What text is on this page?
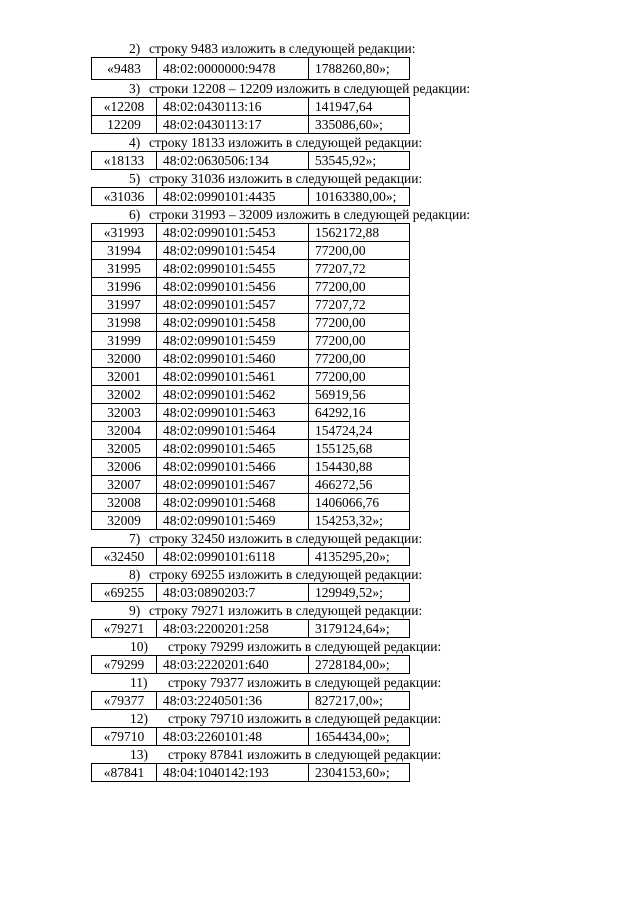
2) строку 9483 изложить в следующей редакции:
«9483	48:02:0000000:9478	1788260,80»;
3) строки 12208 – 12209 изложить в следующей редакции:
«12208	48:02:0430113:16	141947,64
12209	48:02:0430113:17	335086,60»;
4) строку 18133 изложить в следующей редакции:
«18133	48:02:0630506:134	53545,92»;
5) строку 31036 изложить в следующей редакции:
«31036	48:02:0990101:4435	10163380,00»;
6) строки 31993 – 32009 изложить в следующей редакции:
«31993	48:02:0990101:5453	1562172,88
31994	48:02:0990101:5454	77200,00
31995	48:02:0990101:5455	77207,72
31996	48:02:0990101:5456	77200,00
31997	48:02:0990101:5457	77207,72
31998	48:02:0990101:5458	77200,00
31999	48:02:0990101:5459	77200,00
32000	48:02:0990101:5460	77200,00
32001	48:02:0990101:5461	77200,00
32002	48:02:0990101:5462	56919,56
32003	48:02:0990101:5463	64292,16
32004	48:02:0990101:5464	154724,24
32005	48:02:0990101:5465	155125,68
32006	48:02:0990101:5466	154430,88
32007	48:02:0990101:5467	466272,56
32008	48:02:0990101:5468	1406066,76
32009	48:02:0990101:5469	154253,32»;
7) строку 32450 изложить в следующей редакции:
«32450	48:02:0990101:6118	4135295,20»;
8) строку 69255 изложить в следующей редакции:
«69255	48:03:0890203:7	129949,52»;
9) строку 79271 изложить в следующей редакции:
«79271	48:03:2200201:258	3179124,64»;
10) строку 79299 изложить в следующей редакции:
«79299	48:03:2220201:640	2728184,00»;
11) строку 79377 изложить в следующей редакции:
«79377	48:03:2240501:36	827217,00»;
12) строку 79710 изложить в следующей редакции:
«79710	48:03:2260101:48	1654434,00»;
13) строку 87841 изложить в следующей редакции:
«87841	48:04:1040142:193	2304153,60»;
